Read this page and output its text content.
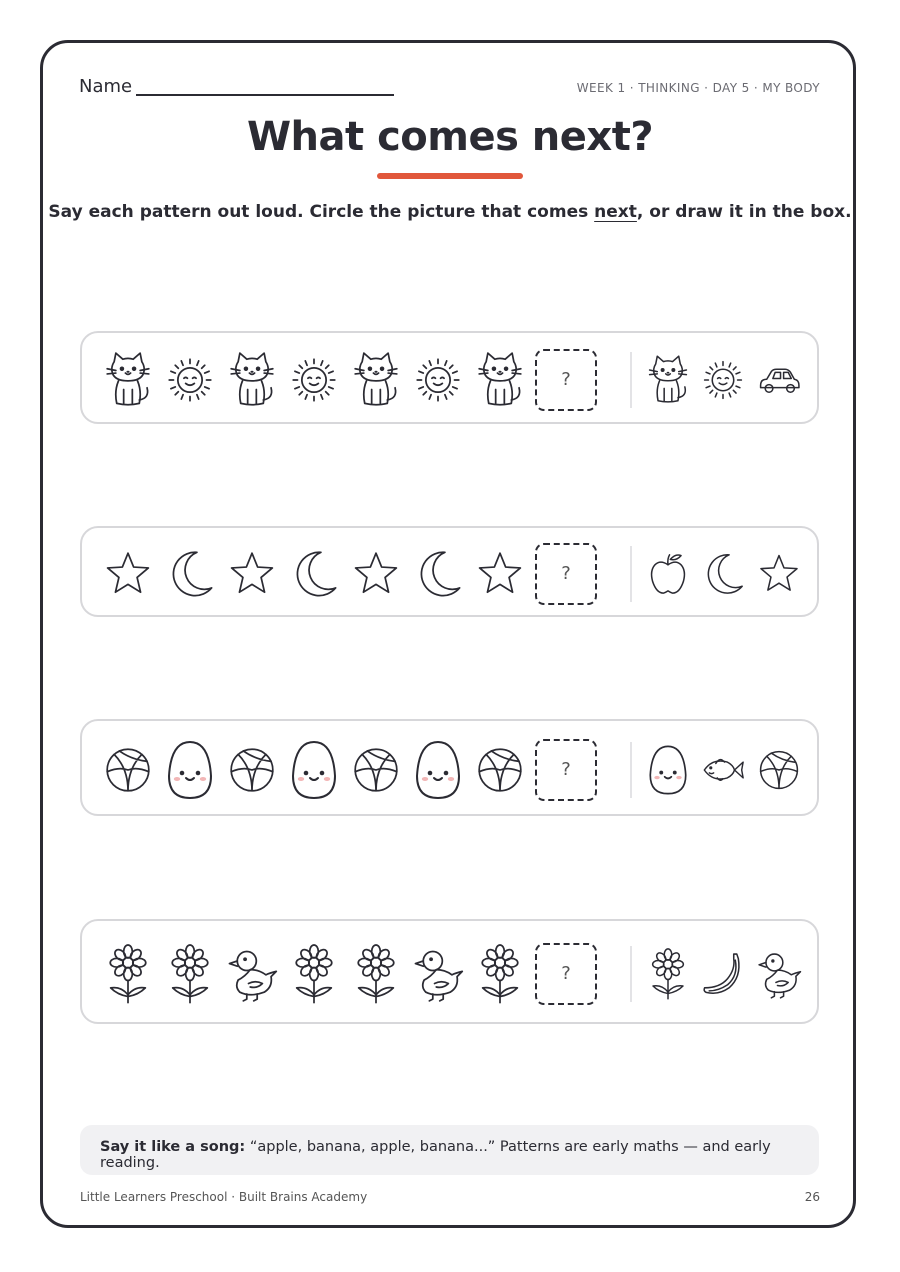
Name	WEEK 1 · THINKING · DAY 5 · MY BODY
What comes next?
Say each pattern out loud. Circle the picture that comes next, or draw it in the box.
?
?
?
?
Say it like a song: “apple, banana, apple, banana...” Patterns are early maths — and early reading.
Little Learners Preschool · Built Brains Academy	26
